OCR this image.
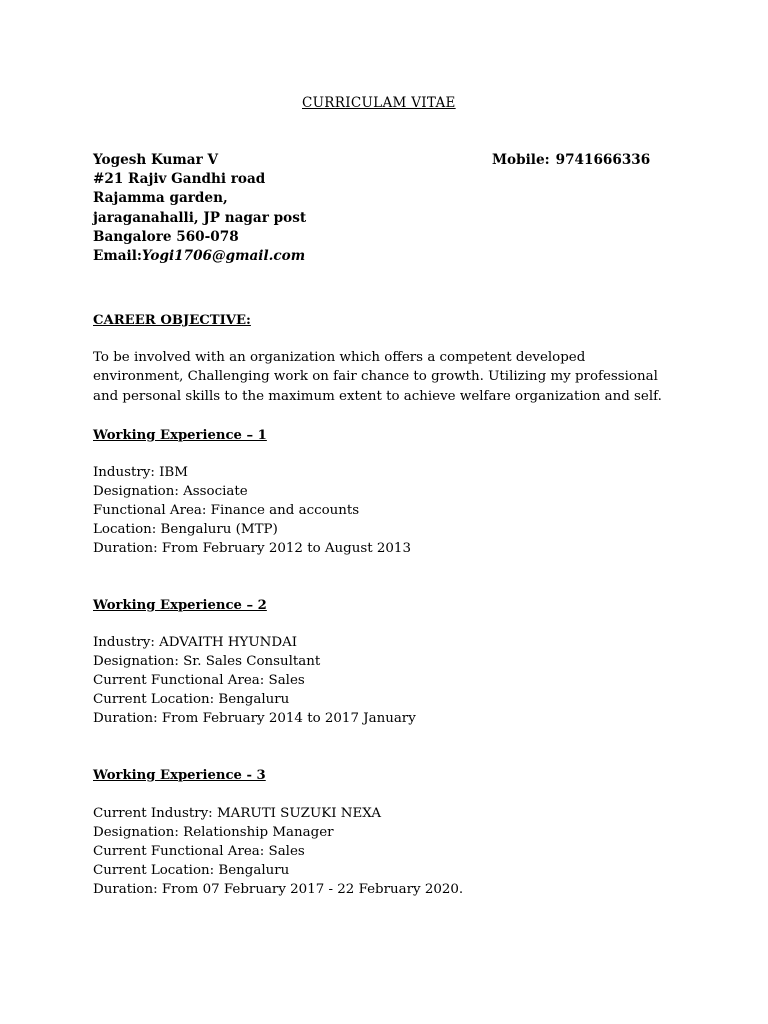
CURRICULAM VITAE
Yogesh Kumar V
#21 Rajiv Gandhi road
Rajamma garden,
jaraganahalli, JP nagar post
Bangalore 560-078
Email:Yogi1706@gmail.com
Mobile: 9741666336
CAREER OBJECTIVE:
To be involved with an organization which offers a competent developed
environment, Challenging work on fair chance to growth. Utilizing my professional
and personal skills to the maximum extent to achieve welfare organization and self.
Working Experience – 1
Industry: IBM
Designation: Associate
Functional Area: Finance and accounts
Location: Bengaluru (MTP)
Duration: From February 2012 to August 2013
Working Experience – 2
Industry: ADVAITH HYUNDAI
Designation: Sr. Sales Consultant
Current Functional Area: Sales
Current Location: Bengaluru
Duration: From February 2014 to 2017 January
Working Experience - 3
Current Industry: MARUTI SUZUKI NEXA
Designation: Relationship Manager
Current Functional Area: Sales
Current Location: Bengaluru
Duration: From 07 February 2017 - 22 February 2020.
